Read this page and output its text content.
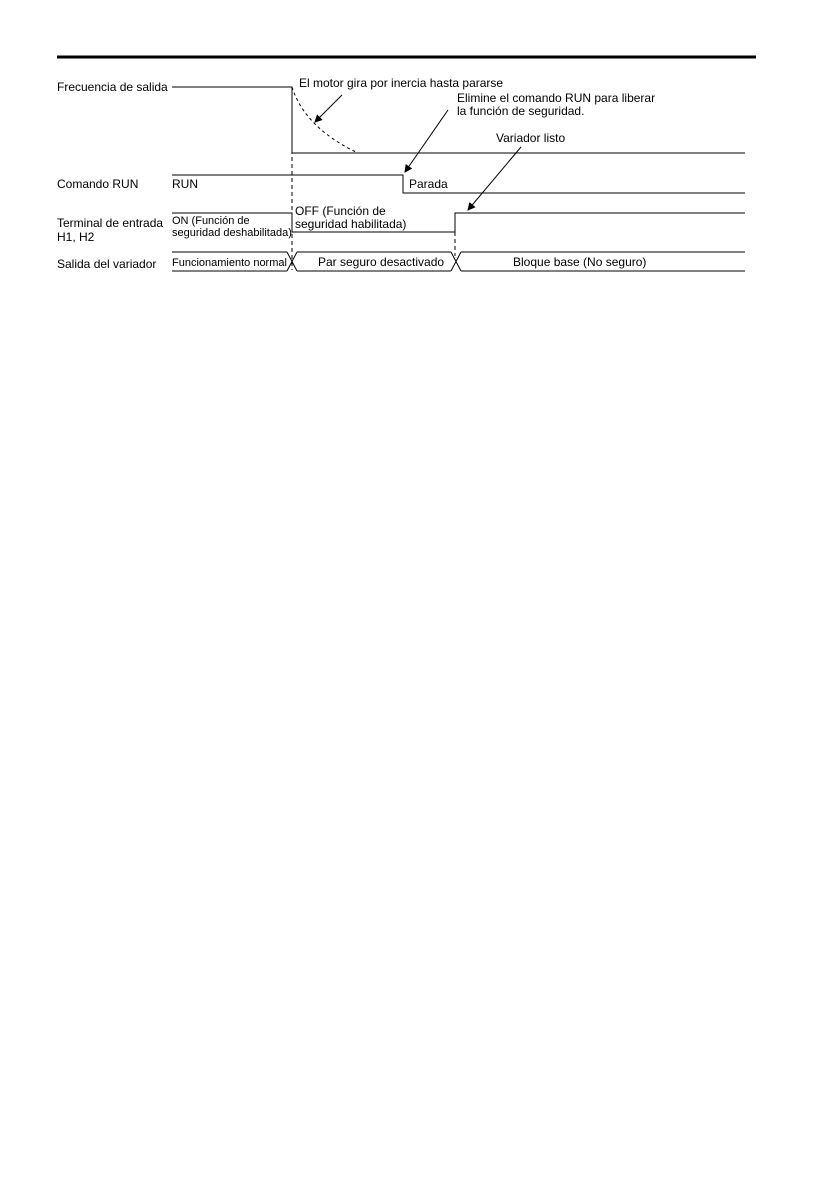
Frecuencia de salida
Comando RUN
Terminal de entrada
H1, H2
Salida del variador
RUN	Parada
ON (Función de
seguridad deshabilitada)
OFF (Función de
seguridad habilitada)
Funcionamiento normal	Par seguro desactivado	Bloque base (No seguro)
El motor gira por inercia hasta pararse
Elimine el comando RUN para liberar
la función de seguridad.
Variador listo
